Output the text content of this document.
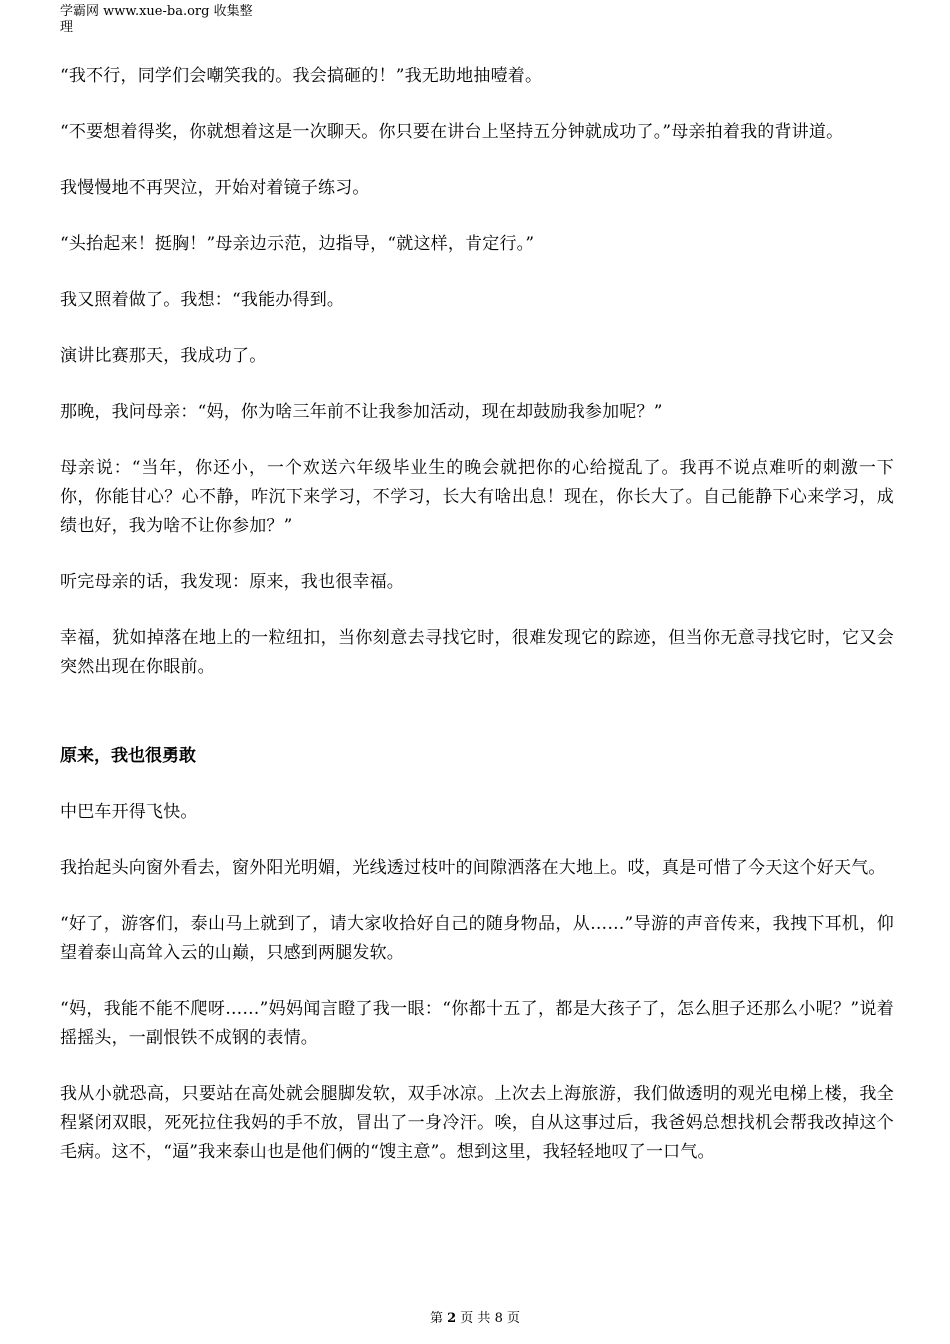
学霸网 www.xue-ba.org 收集整
理

“我不行，同学们会嘲笑我的。我会搞砸的！”我无助地抽噎着。

“不要想着得奖，你就想着这是一次聊天。你只要在讲台上坚持五分钟就成功了。”母亲拍着我的背讲道。

我慢慢地不再哭泣，开始对着镜子练习。

“头抬起来！挺胸！”母亲边示范，边指导，“就这样，肯定行。”

我又照着做了。我想：“我能办得到。

演讲比赛那天，我成功了。

那晚，我问母亲：“妈，你为啥三年前不让我参加活动，现在却鼓励我参加呢？”

母亲说：“当年，你还小，一个欢送六年级毕业生的晚会就把你的心给搅乱了。我再不说点难听的刺激一下你，你能甘心？心不静，咋沉下来学习，不学习，长大有啥出息！现在，你长大了。自己能静下心来学习，成绩也好，我为啥不让你参加？”

听完母亲的话，我发现：原来，我也很幸福。

幸福，犹如掉落在地上的一粒纽扣，当你刻意去寻找它时，很难发现它的踪迹，但当你无意寻找它时，它又会突然出现在你眼前。

原来，我也很勇敢

中巴车开得飞快。

我抬起头向窗外看去，窗外阳光明媚，光线透过枝叶的间隙洒落在大地上。哎，真是可惜了今天这个好天气。

“好了，游客们，泰山马上就到了，请大家收拾好自己的随身物品，从……”导游的声音传来，我拽下耳机，仰望着泰山高耸入云的山巅，只感到两腿发软。

“妈，我能不能不爬呀……”妈妈闻言瞪了我一眼：“你都十五了，都是大孩子了，怎么胆子还那么小呢？”说着摇摇头，一副恨铁不成钢的表情。

我从小就恐高，只要站在高处就会腿脚发软，双手冰凉。上次去上海旅游，我们做透明的观光电梯上楼，我全程紧闭双眼，死死拉住我妈的手不放，冒出了一身冷汗。唉，自从这事过后，我爸妈总想找机会帮我改掉这个毛病。这不，“逼”我来泰山也是他们俩的“馊主意”。想到这里，我轻轻地叹了一口气。

第 2 页 共 8 页
